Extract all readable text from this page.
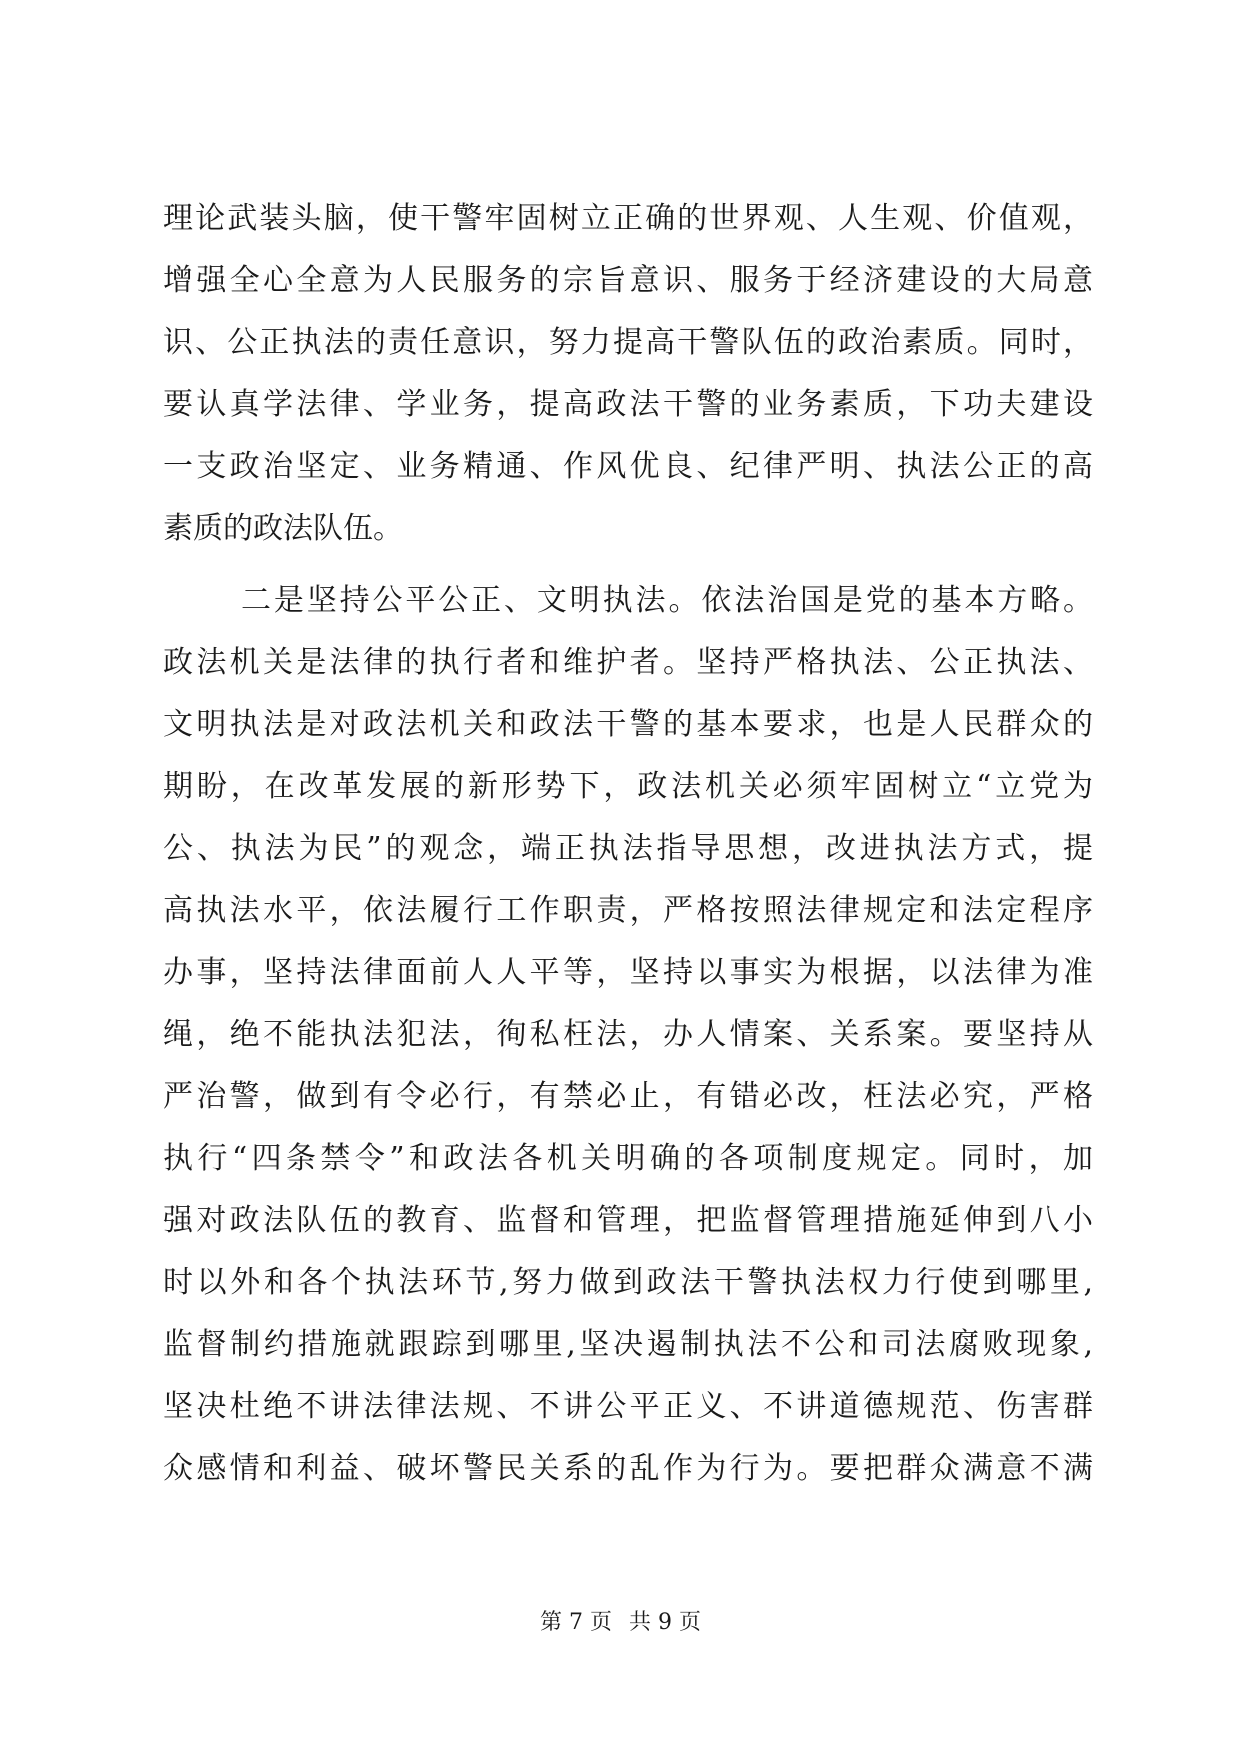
理论武装头脑，使干警牢固树立正确的世界观、人生观、价值观，
增强全心全意为人民服务的宗旨意识、服务于经济建设的大局意
识、公正执法的责任意识，努力提高干警队伍的政治素质。同时，
要认真学法律、学业务，提高政法干警的业务素质，下功夫建设
一支政治坚定、业务精通、作风优良、纪律严明、执法公正的高
素质的政法队伍。
二是坚持公平公正、文明执法。依法治国是党的基本方略。
政法机关是法律的执行者和维护者。坚持严格执法、公正执法、
文明执法是对政法机关和政法干警的基本要求，也是人民群众的
期盼，在改革发展的新形势下，政法机关必须牢固树立“立党为
公、执法为民”的观念，端正执法指导思想，改进执法方式，提
高执法水平，依法履行工作职责，严格按照法律规定和法定程序
办事，坚持法律面前人人平等，坚持以事实为根据，以法律为准
绳，绝不能执法犯法，徇私枉法，办人情案、关系案。要坚持从
严治警，做到有令必行，有禁必止，有错必改，枉法必究，严格
执行“四条禁令”和政法各机关明确的各项制度规定。同时，加
强对政法队伍的教育、监督和管理，把监督管理措施延伸到八小
时以外和各个执法环节,努力做到政法干警执法权力行使到哪里,
监督制约措施就跟踪到哪里,坚决遏制执法不公和司法腐败现象,
坚决杜绝不讲法律法规、不讲公平正义、不讲道德规范、伤害群
众感情和利益、破坏警民关系的乱作为行为。要把群众满意不满
第 7 页 共 9 页
